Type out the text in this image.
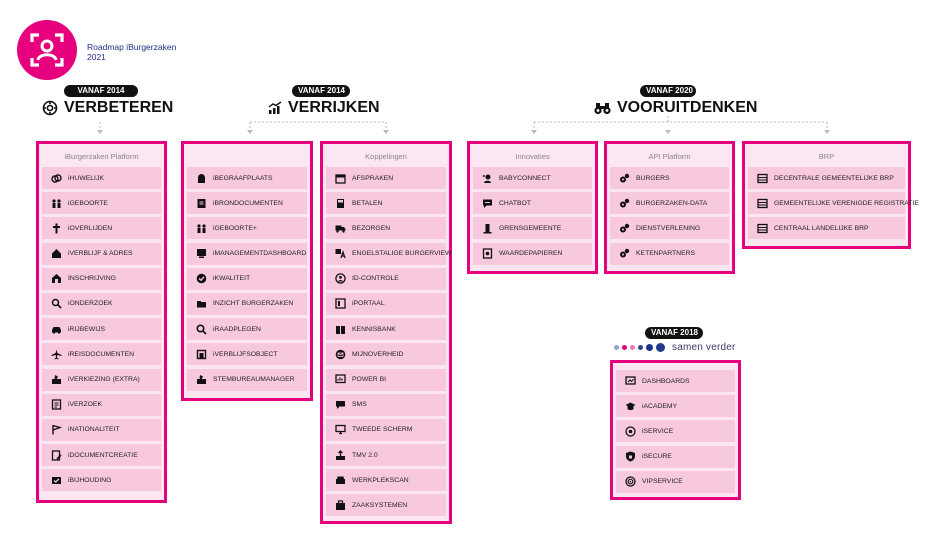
Roadmap iBurgerzaken
2021
VANAF 2014
VERBETEREN
VANAF 2014
VERRIJKEN
VANAF 2020
VOORUITDENKEN
iBurgerzaken Platform
iHUWELIJK
iGEBOORTE
iOVERLIJDEN
iVERBLIJF & ADRES
INSCHRIJVING
iONDERZOEK
iRIJBEWIJS
iREISDOCUMENTEN
iVERKIEZING (EXTRA)
iVERZOEK
iNATIONALITEIT
iDOCUMENTCREATIE
iBIJHOUDING
iBEGRAAFPLAATS
iBRONDOCUMENTEN
iGEBOORTE+
iMANAGEMENTDASHBOARD
iKWALITEIT
INZICHT BURGERZAKEN
iRAADPLEGEN
iVERBLIJFSOBJECT
STEMBUREAUMANAGER
Koppelingen
AFSPRAKEN
BETALEN
BEZORGEN
ENGELSTALIGE BURGERVIEW
ID-CONTROLE
iPORTAAL
KENNISBANK
MIJNOVERHEID
POWER BI
SMS
TWEEDE SCHERM
TMV 2.0
WERKPLEKSCAN
ZAAKSYSTEMEN
Innovaties
BABYCONNECT
CHATBOT
GRENSGEMEENTE
WAARDEPAPIEREN
API Platform
BURGERS
BURGERZAKEN-DATA
DIENSTVERLENING
KETENPARTNERS
BRP
DECENTRALE GEMEENTELIJKE BRP
GEMEENTELIJKE VERENIGDE REGISTRATIE
CENTRAAL LANDELIJKE BRP
VANAF 2018
samen verder
DASHBOARDS
iACADEMY
iSERVICE
iSECURE
VIPSERVICE
